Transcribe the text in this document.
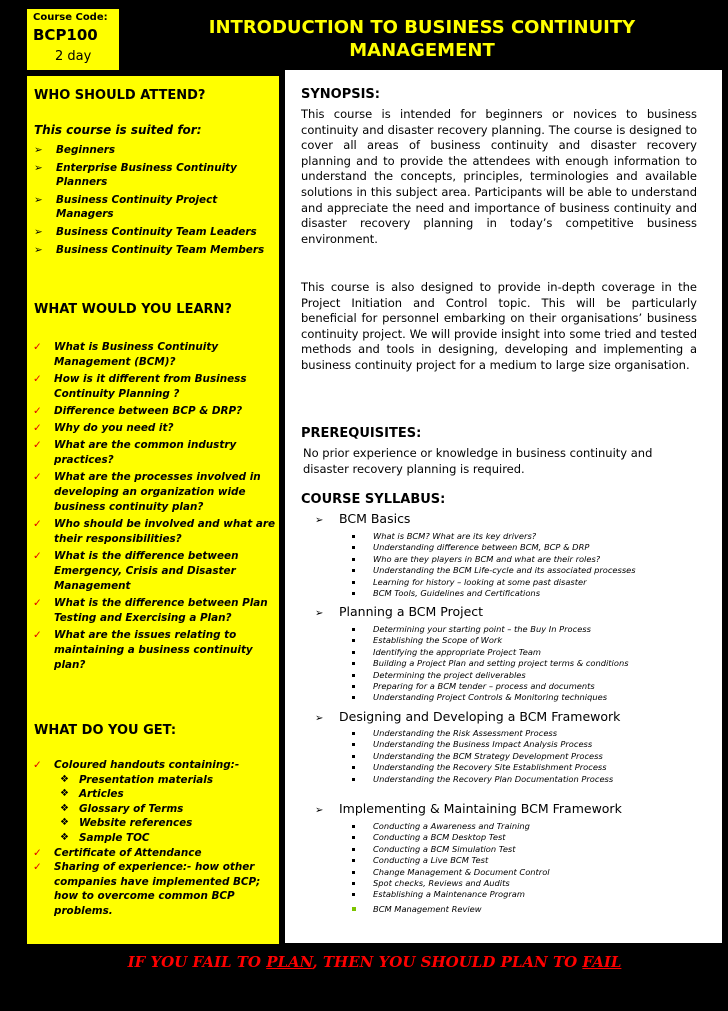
Course Code:
BCP100
2 day
INTRODUCTION TO BUSINESS CONTINUITY
MANAGEMENT
WHO SHOULD ATTEND?
This course is suited for:
➢ Beginners
➢ Enterprise Business Continuity Planners
➢ Business Continuity Project Managers
➢ Business Continuity Team Leaders
➢ Business Continuity Team Members
WHAT WOULD YOU LEARN?
✓ What is Business Continuity Management (BCM)?
✓ How is it different from Business Continuity Planning ?
✓ Difference between BCP & DRP?
✓ Why do you need it?
✓ What are the common industry practices?
✓ What are the processes involved in developing an organization wide business continuity plan?
✓ Who should be involved and what are their responsibilities?
✓ What is the difference between Emergency, Crisis and Disaster Management
✓ What is the difference between Plan Testing and Exercising a Plan?
✓ What are the issues relating to maintaining a business continuity plan?
WHAT DO YOU GET:
✓ Coloured handouts containing:-
❖ Presentation materials
❖ Articles
❖ Glossary of Terms
❖ Website references
❖ Sample TOC
✓ Certificate of Attendance
✓ Sharing of experience:- how other companies have implemented BCP; how to overcome common BCP problems.
SYNOPSIS:

This course is intended for beginners or novices to business continuity and disaster recovery planning. The course is designed to cover all areas of business continuity and disaster recovery planning and to provide the attendees with enough information to understand the concepts, principles, terminologies and available solutions in this subject area. Participants will be able to understand and appreciate the need and importance of business continuity and disaster recovery planning in today’s competitive business environment.

This course is also designed to provide in-depth coverage in the Project Initiation and Control topic. This will be particularly beneficial for personnel embarking on their organisations’ business continuity project. We will provide insight into some tried and tested methods and tools in designing, developing and implementing a business continuity project for a medium to large size organisation.

PREREQUISITES:

No prior experience or knowledge in business continuity and disaster recovery planning is required.

COURSE SYLLABUS:
➢ BCM Basics
What is BCM? What are its key drivers?
Understanding difference between BCM, BCP & DRP
Who are they players in BCM and what are their roles?
Understanding the BCM Life-cycle and its associated processes
Learning for history – looking at some past disaster
BCM Tools, Guidelines and Certifications
➢ Planning a BCM Project
Determining your starting point – the Buy In Process
Establishing the Scope of Work
Identifying the appropriate Project Team
Building a Project Plan and setting project terms & conditions
Determining the project deliverables
Preparing for a BCM tender – process and documents
Understanding Project Controls & Monitoring techniques
➢ Designing and Developing a BCM Framework
Understanding the Risk Assessment Process
Understanding the Business Impact Analysis Process
Understanding the BCM Strategy Development Process
Understanding the Recovery Site Establishment Process
Understanding the Recovery Plan Documentation Process
➢ Implementing & Maintaining BCM Framework
Conducting a Awareness and Training
Conducting a BCM Desktop Test
Conducting a BCM Simulation Test
Conducting a Live BCM Test
Change Management & Document Control
Spot checks, Reviews and Audits
Establishing a Maintenance Program
BCM Management Review
IF YOU FAIL TO PLAN, THEN YOU SHOULD PLAN TO FAIL
